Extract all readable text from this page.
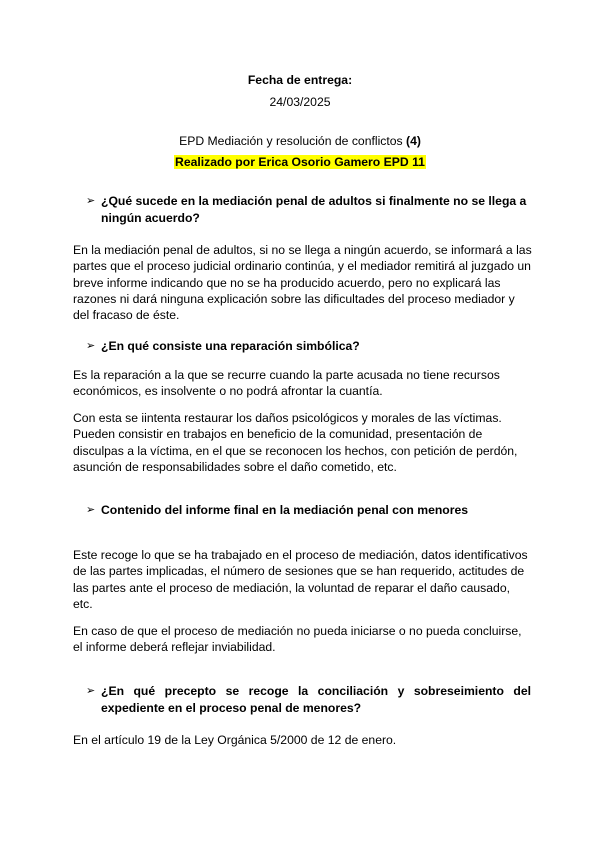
Fecha de entrega:
24/03/2025
EPD Mediación y resolución de conflictos (4)
Realizado por Erica Osorio Gamero EPD 11
➢ ¿Qué sucede en la mediación penal de adultos si finalmente no se llega a ningún acuerdo?
En la mediación penal de adultos, si no se llega a ningún acuerdo, se informará a las partes que el proceso judicial ordinario continúa, y el mediador remitirá al juzgado un breve informe indicando que no se ha producido acuerdo, pero no explicará las razones ni dará ninguna explicación sobre las dificultades del proceso mediador y del fracaso de éste.
➢ ¿En qué consiste una reparación simbólica?
Es la reparación a la que se recurre cuando la parte acusada no tiene recursos económicos, es insolvente o no podrá afrontar la cuantía.
Con esta se iintenta restaurar los daños psicológicos y morales de las víctimas. Pueden consistir en trabajos en beneficio de la comunidad, presentación de disculpas a la víctima, en el que se reconocen los hechos, con petición de perdón, asunción de responsabilidades sobre el daño cometido, etc.
➢ Contenido del informe final en la mediación penal con menores
Este recoge lo que se ha trabajado en el proceso de mediación, datos identificativos de las partes implicadas, el número de sesiones que se han requerido, actitudes de las partes ante el proceso de mediación, la voluntad de reparar el daño causado, etc.
En caso de que el proceso de mediación no pueda iniciarse o no pueda concluirse, el informe deberá reflejar inviabilidad.
➢ ¿En qué precepto se recoge la conciliación y sobreseimiento del expediente en el proceso penal de menores?
En el artículo 19 de la Ley Orgánica 5/2000 de 12 de enero.
